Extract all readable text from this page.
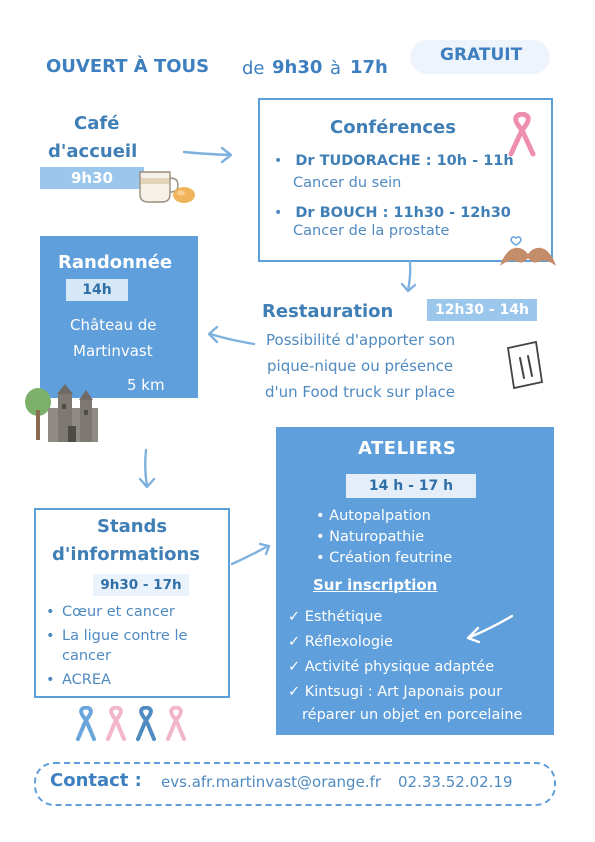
OUVERT À TOUS de 9h30 à 17h
GRATUIT
Café
d'accueil
9h30
Conférences
• Dr TUDORACHE : 10h - 11h
Cancer du sein
• Dr BOUCH : 11h30 - 12h30
Cancer de la prostate
Randonnée
14h
Château de
Martinvast
5 km
Restauration	12h30 - 14h
Possibilité d'apporter son
pique-nique ou présence
d'un Food truck sur place
ATELIERS
14 h - 17 h
• Autopalpation
• Naturopathie
• Création feutrine
Sur inscription
✓ Esthétique
✓ Réflexologie
✓ Activité physique adaptée
✓ Kintsugi : Art Japonais pour
réparer un objet en porcelaine
Stands
d'informations
9h30 - 17h
• Cœur et cancer
• La ligue contre le cancer
• ACREA
Contact : evs.afr.martinvast@orange.fr 02.33.52.02.19
